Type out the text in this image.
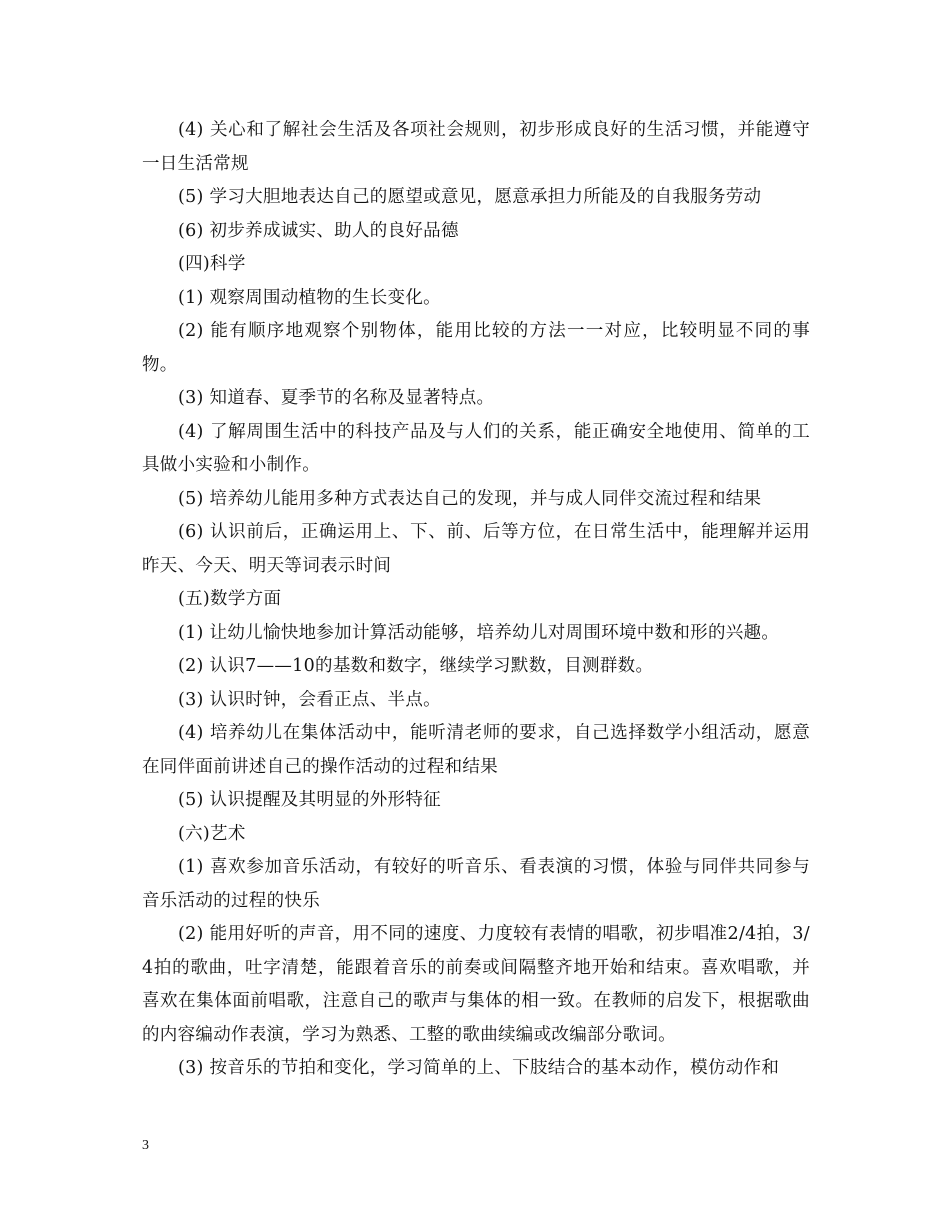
(4) 关心和了解社会生活及各项社会规则，初步形成良好的生活习惯，并能遵守一日生活常规

(5) 学习大胆地表达自己的愿望或意见，愿意承担力所能及的自我服务劳动

(6) 初步养成诚实、助人的良好品德

(四)科学

(1) 观察周围动植物的生长变化。

(2) 能有顺序地观察个别物体，能用比较的方法一一对应，比较明显不同的事物。

(3) 知道春、夏季节的名称及显著特点。

(4) 了解周围生活中的科技产品及与人们的关系，能正确安全地使用、简单的工具做小实验和小制作。

(5) 培养幼儿能用多种方式表达自己的发现，并与成人同伴交流过程和结果

(6) 认识前后，正确运用上、下、前、后等方位，在日常生活中，能理解并运用昨天、今天、明天等词表示时间

(五)数学方面

(1) 让幼儿愉快地参加计算活动能够，培养幼儿对周围环境中数和形的兴趣。

(2) 认识7——10的基数和数字，继续学习默数，目测群数。

(3) 认识时钟，会看正点、半点。

(4) 培养幼儿在集体活动中，能听清老师的要求，自己选择数学小组活动，愿意在同伴面前讲述自己的操作活动的过程和结果

(5) 认识提醒及其明显的外形特征

(六)艺术

(1) 喜欢参加音乐活动，有较好的听音乐、看表演的习惯，体验与同伴共同参与音乐活动的过程的快乐

(2) 能用好听的声音，用不同的速度、力度较有表情的唱歌，初步唱准2/4拍，3/4拍的歌曲，吐字清楚，能跟着音乐的前奏或间隔整齐地开始和结束。喜欢唱歌，并喜欢在集体面前唱歌，注意自己的歌声与集体的相一致。在教师的启发下，根据歌曲的内容编动作表演，学习为熟悉、工整的歌曲续编或改编部分歌词。

(3) 按音乐的节拍和变化，学习简单的上、下肢结合的基本动作，模仿动作和

3
